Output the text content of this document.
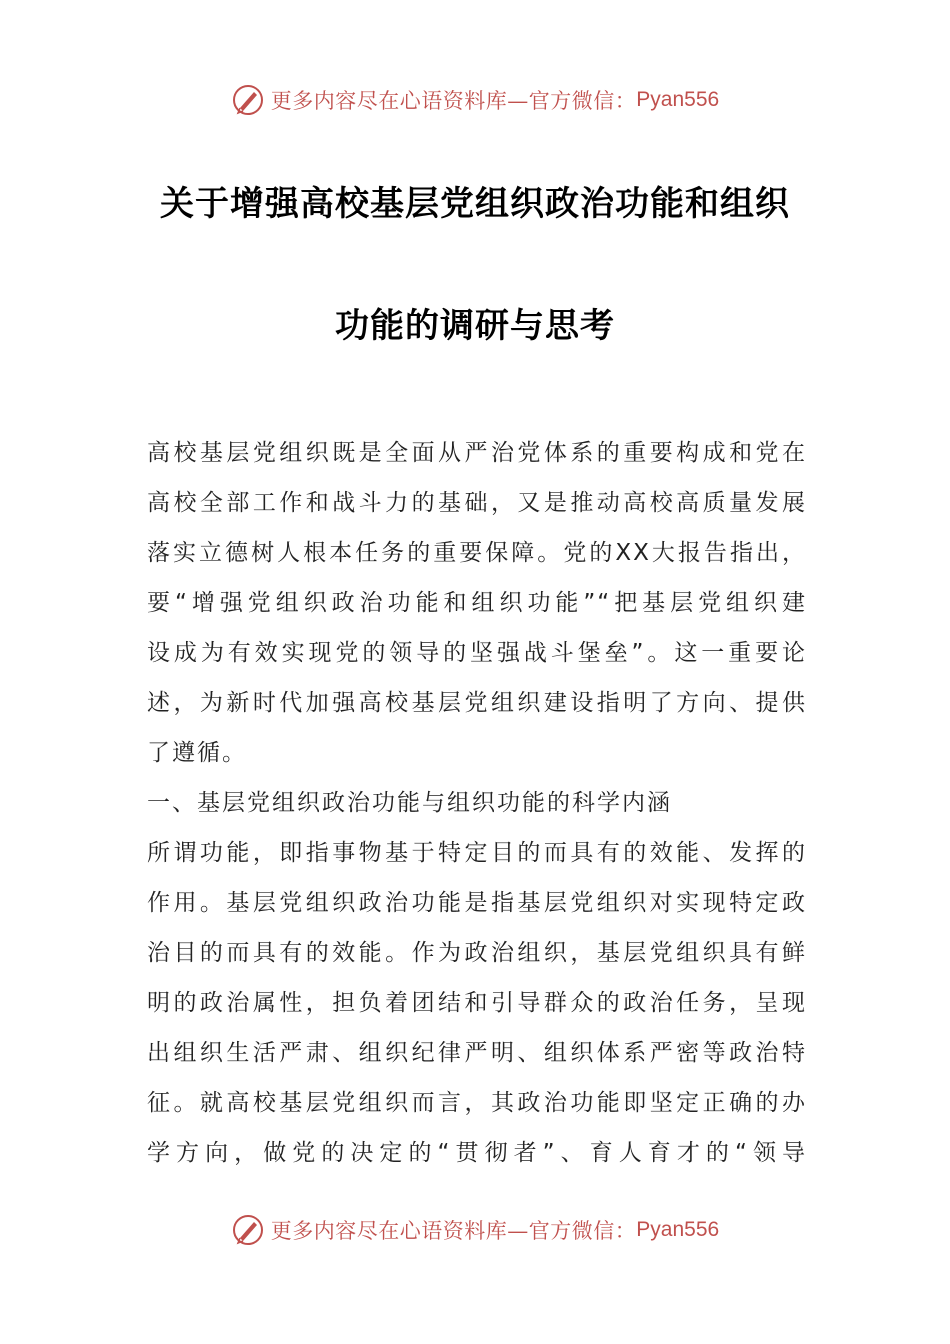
更多内容尽在心语资料库—官方微信： Pyan556
关于增强高校基层党组织政治功能和组织
功能的调研与思考
高校基层党组织既是全面从严治党体系的重要构成和党在
高校全部工作和战斗力的基础，又是推动高校高质量发展
落实立德树人根本任务的重要保障。党的XX大报告指出，
要“增强党组织政治功能和组织功能”“把基层党组织建
设成为有效实现党的领导的坚强战斗堡垒”。这一重要论
述，为新时代加强高校基层党组织建设指明了方向、提供
了遵循。
一、基层党组织政治功能与组织功能的科学内涵
所谓功能，即指事物基于特定目的而具有的效能、发挥的
作用。基层党组织政治功能是指基层党组织对实现特定政
治目的而具有的效能。作为政治组织，基层党组织具有鲜
明的政治属性，担负着团结和引导群众的政治任务，呈现
出组织生活严肃、组织纪律严明、组织体系严密等政治特
征。就高校基层党组织而言，其政治功能即坚定正确的办
学方向，做党的决定的“贯彻者”、育人育才的“领导
更多内容尽在心语资料库—官方微信： Pyan556
